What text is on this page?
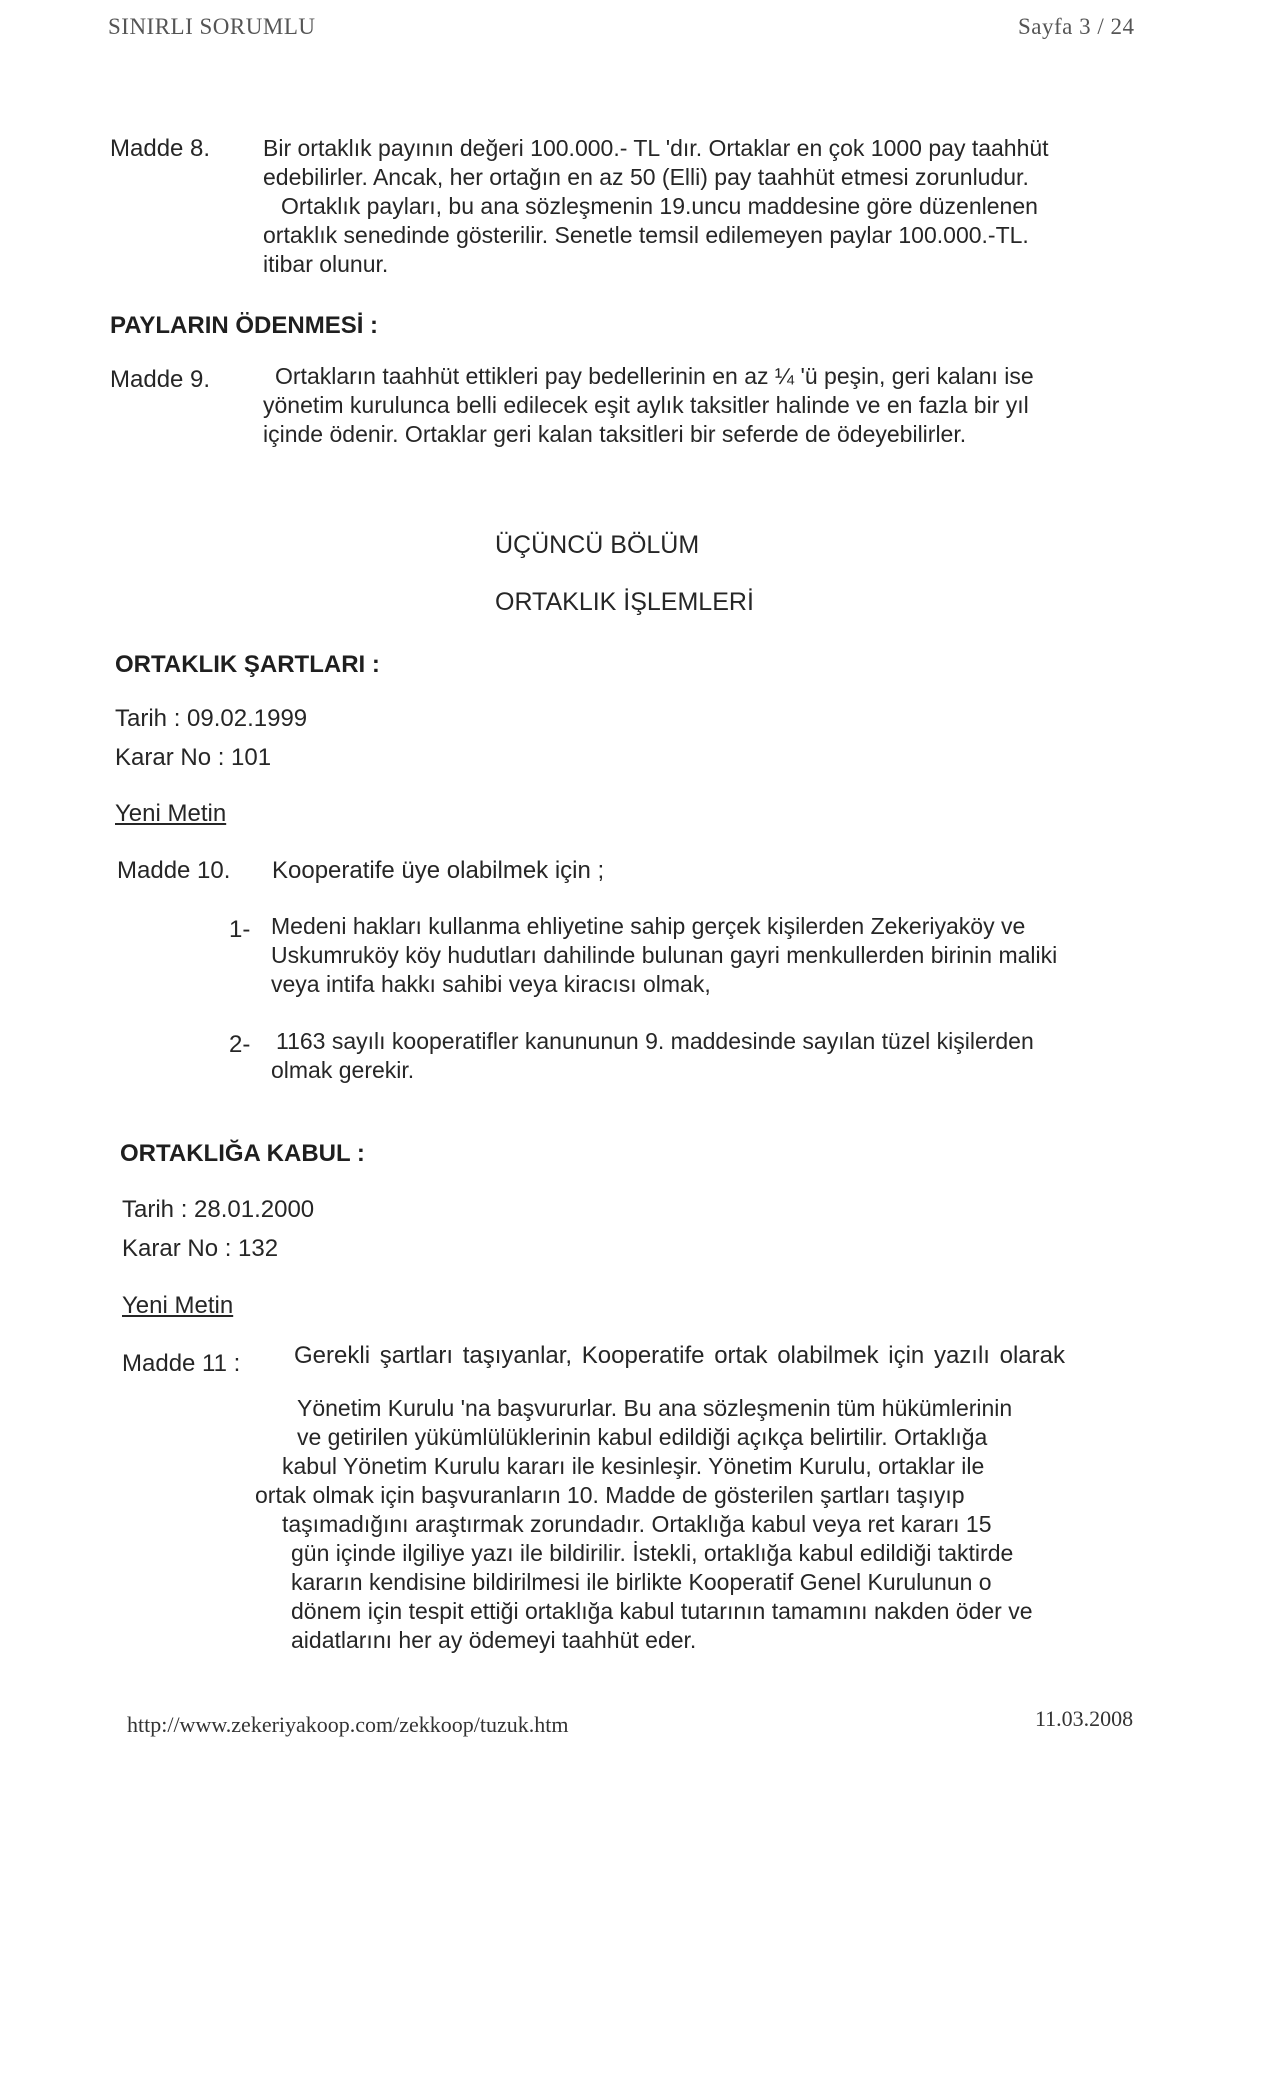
SINIRLI SORUMLU	Sayfa 3 / 24
Madde 8. Bir ortaklık payının değeri 100.000.- TL 'dır. Ortaklar en çok 1000 pay taahhüt
edebilirler. Ancak, her ortağın en az 50 (Elli) pay taahhüt etmesi zorunludur.
Ortaklık payları, bu ana sözleşmenin 19.uncu maddesine göre düzenlenen
ortaklık senedinde gösterilir. Senetle temsil edilemeyen paylar 100.000.-TL.
itibar olunur.
PAYLARIN ÖDENMESİ :
Madde 9.	Ortakların taahhüt ettikleri pay bedellerinin en az ¼ 'ü peşin, geri kalanı ise
yönetim kurulunca belli edilecek eşit aylık taksitler halinde ve en fazla bir yıl
içinde ödenir. Ortaklar geri kalan taksitleri bir seferde de ödeyebilirler.
ÜÇÜNCÜ BÖLÜM
ORTAKLIK İŞLEMLERİ
ORTAKLIK ŞARTLARI :
Tarih : 09.02.1999
Karar No : 101
Yeni Metin
Madde 10. Kooperatife üye olabilmek için ;
1- Medeni hakları kullanma ehliyetine sahip gerçek kişilerden Zekeriyaköy ve
Uskumruköy köy hudutları dahilinde bulunan gayri menkullerden birinin maliki
veya intifa hakkı sahibi veya kiracısı olmak,
2- 1163 sayılı kooperatifler kanununun 9. maddesinde sayılan tüzel kişilerden
olmak gerekir.
ORTAKLIĞA KABUL :
Tarih : 28.01.2000
Karar No : 132
Yeni Metin
Madde 11 : Gerekli şartları taşıyanlar, Kooperatife ortak olabilmek için yazılı olarak
Yönetim Kurulu 'na başvururlar. Bu ana sözleşmenin tüm hükümlerinin
ve getirilen yükümlülüklerinin kabul edildiği açıkça belirtilir. Ortaklığa
kabul Yönetim Kurulu kararı ile kesinleşir. Yönetim Kurulu, ortaklar ile
ortak olmak için başvuranların 10. Madde de gösterilen şartları taşıyıp
taşımadığını araştırmak zorundadır. Ortaklığa kabul veya ret kararı 15
gün içinde ilgiliye yazı ile bildirilir. İstekli, ortaklığa kabul edildiği taktirde
kararın kendisine bildirilmesi ile birlikte Kooperatif Genel Kurulunun o
dönem için tespit ettiği ortaklığa kabul tutarının tamamını nakden öder ve
aidatlarını her ay ödemeyi taahhüt eder.
http://www.zekeriyakoop.com/zekkoop/tuzuk.htm	11.03.2008
